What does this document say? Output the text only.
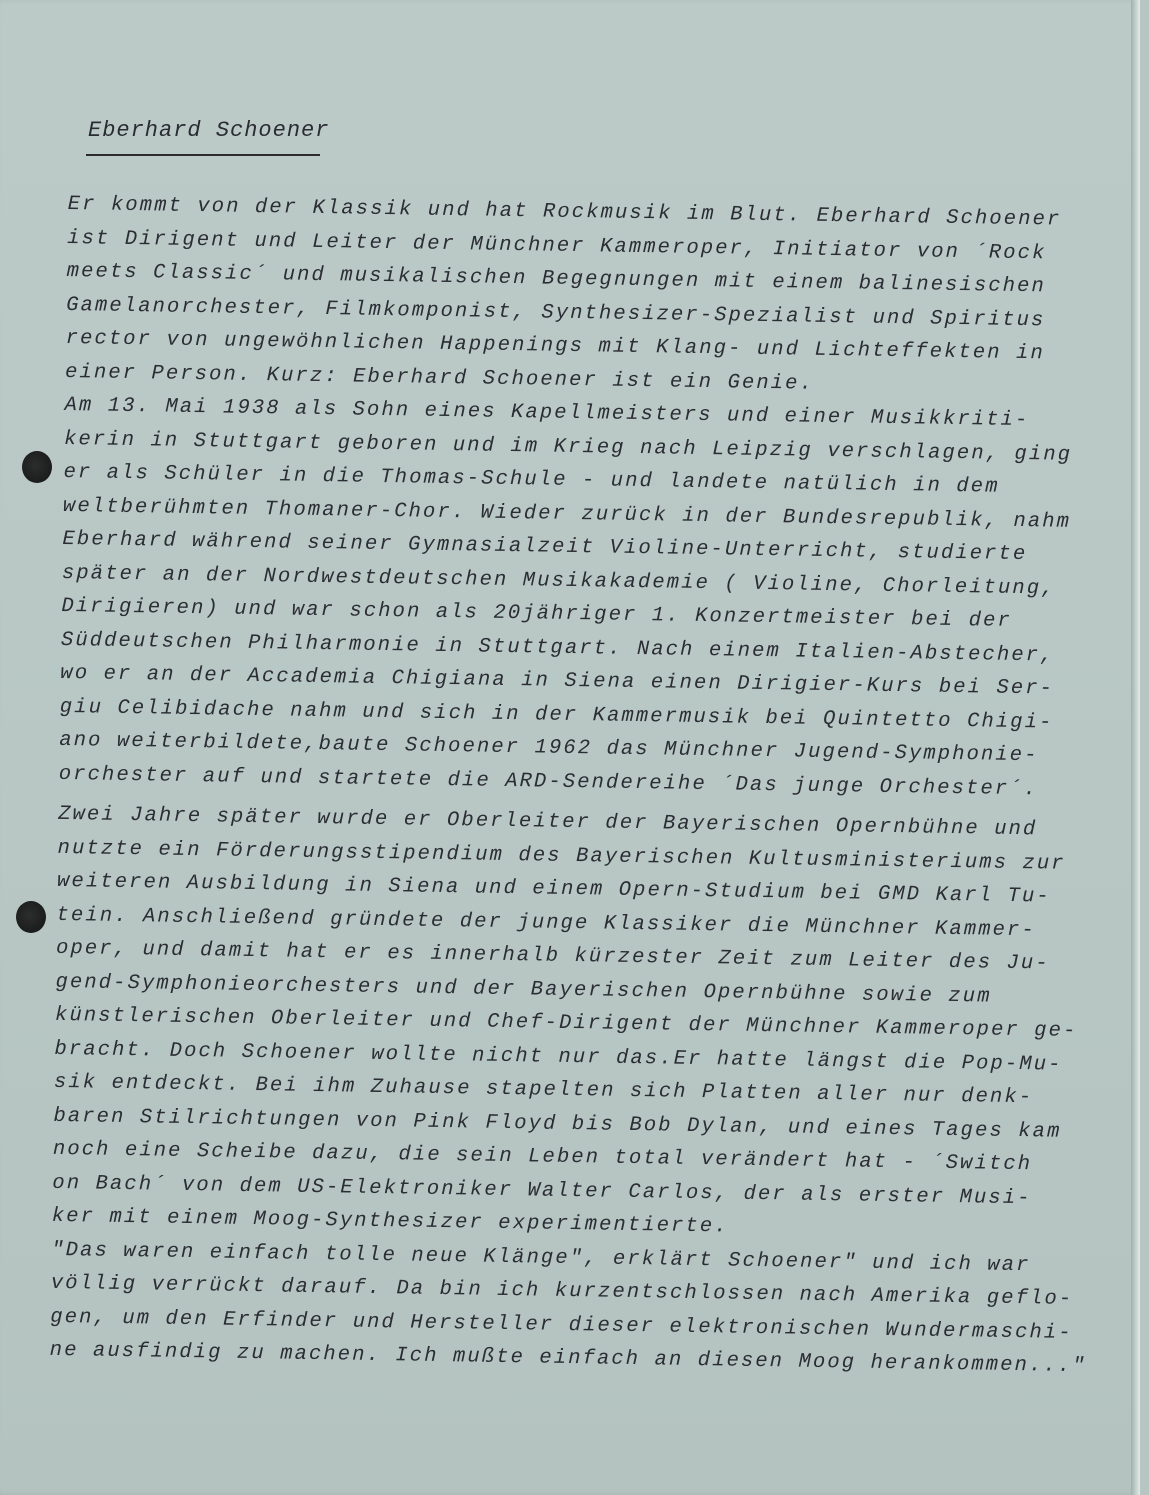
Eberhard Schoener
Er kommt von der Klassik und hat Rockmusik im Blut. Eberhard Schoener
ist Dirigent und Leiter der Münchner Kammeroper, Initiator von ´Rock
meets Classic´ und musikalischen Begegnungen mit einem balinesischen
Gamelanorchester, Filmkomponist, Synthesizer-Spezialist und Spiritus
rector von ungewöhnlichen Happenings mit Klang- und Lichteffekten in
einer Person. Kurz: Eberhard Schoener ist ein Genie.
Am 13. Mai 1938 als Sohn eines Kapellmeisters und einer Musikkriti-
kerin in Stuttgart geboren und im Krieg nach Leipzig verschlagen, ging
er als Schüler in die Thomas-Schule - und landete natülich in dem
weltberühmten Thomaner-Chor. Wieder zurück in der Bundesrepublik, nahm
Eberhard während seiner Gymnasialzeit Violine-Unterricht, studierte
später an der Nordwestdeutschen Musikakademie ( Violine, Chorleitung,
Dirigieren) und war schon als 20jähriger 1. Konzertmeister bei der
Süddeutschen Philharmonie in Stuttgart. Nach einem Italien-Abstecher,
wo er an der Accademia Chigiana in Siena einen Dirigier-Kurs bei Ser-
giu Celibidache nahm und sich in der Kammermusik bei Quintetto Chigi-
ano weiterbildete,baute Schoener 1962 das Münchner Jugend-Symphonie-
orchester auf und startete die ARD-Sendereihe ´Das junge Orchester´.
Zwei Jahre später wurde er Oberleiter der Bayerischen Opernbühne und
nutzte ein Förderungsstipendium des Bayerischen Kultusministeriums zur
weiteren Ausbildung in Siena und einem Opern-Studium bei GMD Karl Tu-
tein. Anschließend gründete der junge Klassiker die Münchner Kammer-
oper, und damit hat er es innerhalb kürzester Zeit zum Leiter des Ju-
gend-Symphonieorchesters und der Bayerischen Opernbühne sowie zum
künstlerischen Oberleiter und Chef-Dirigent der Münchner Kammeroper ge-
bracht. Doch Schoener wollte nicht nur das.Er hatte längst die Pop-Mu-
sik entdeckt. Bei ihm Zuhause stapelten sich Platten aller nur denk-
baren Stilrichtungen von Pink Floyd bis Bob Dylan, und eines Tages kam
noch eine Scheibe dazu, die sein Leben total verändert hat - ´Switch
on Bach´ von dem US-Elektroniker Walter Carlos, der als erster Musi-
ker mit einem Moog-Synthesizer experimentierte.
"Das waren einfach tolle neue Klänge", erklärt Schoener" und ich war
völlig verrückt darauf. Da bin ich kurzentschlossen nach Amerika geflo-
gen, um den Erfinder und Hersteller dieser elektronischen Wundermaschi-
ne ausfindig zu machen. Ich mußte einfach an diesen Moog herankommen..."
